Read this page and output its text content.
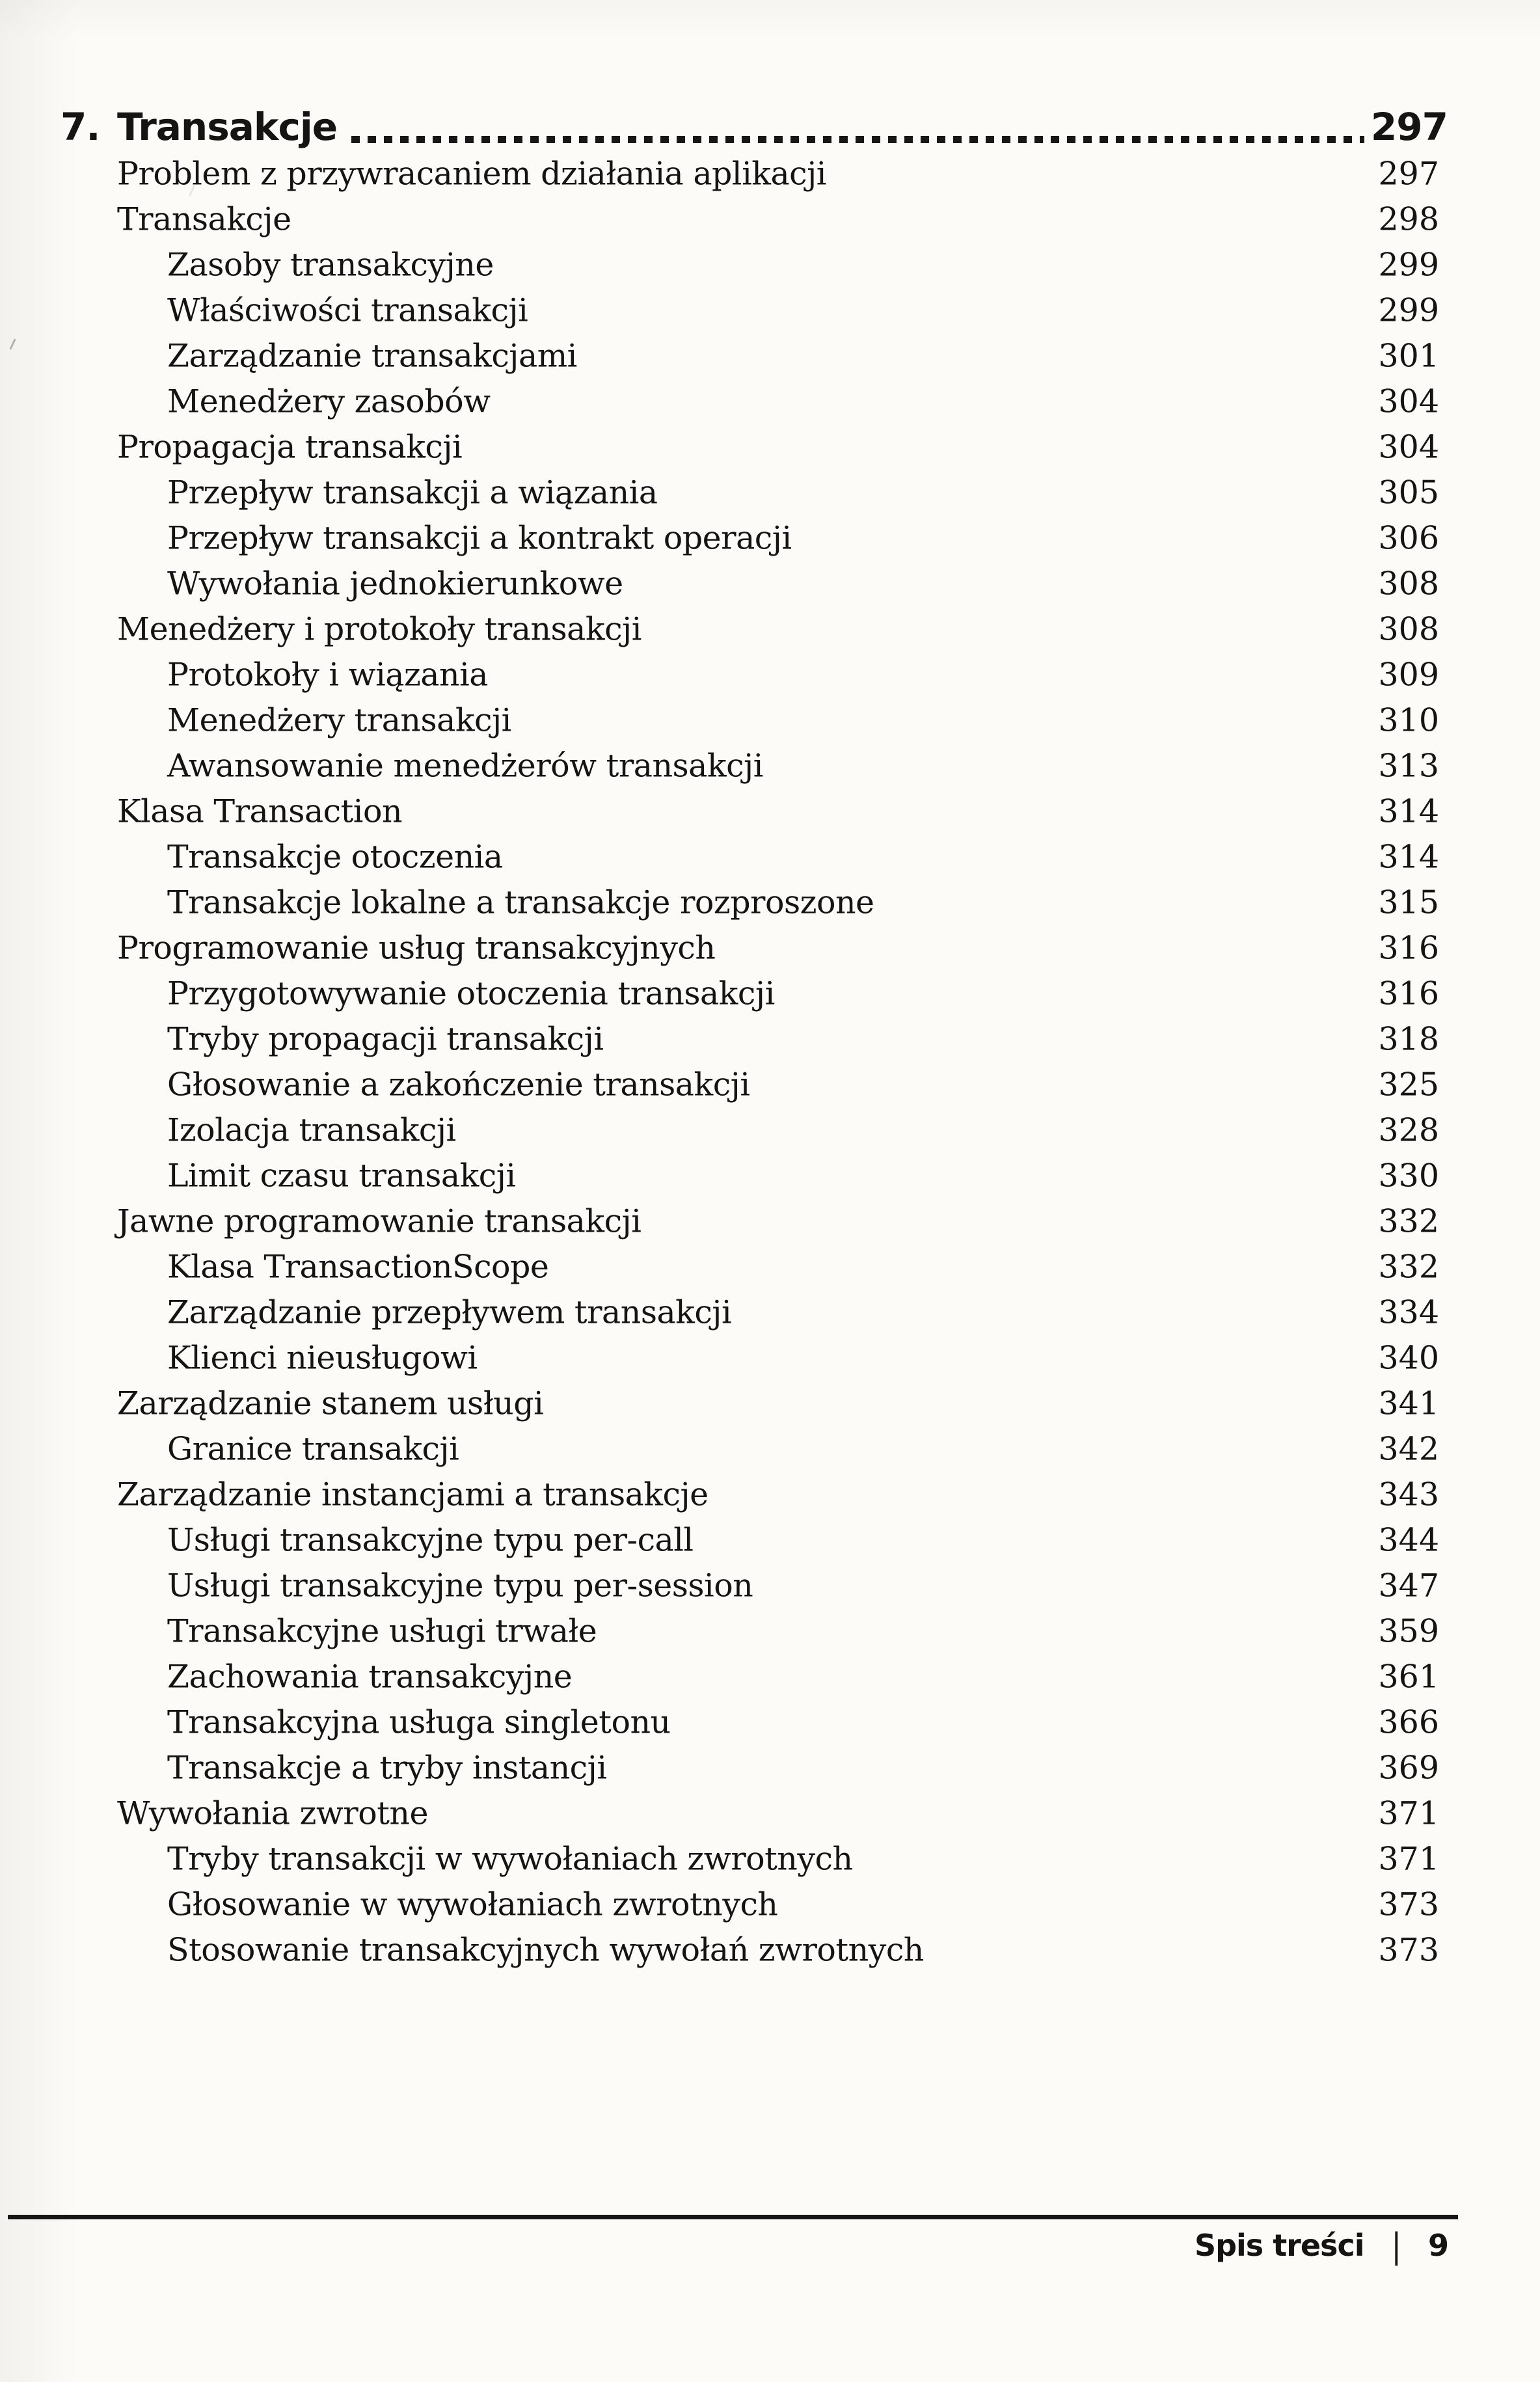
7. Transakcje	297
Problem z przywracaniem działania aplikacji	297
Transakcje	298
Zasoby transakcyjne	299
Właściwości transakcji	299
Zarządzanie transakcjami	301
Menedżery zasobów	304
Propagacja transakcji	304
Przepływ transakcji a wiązania	305
Przepływ transakcji a kontrakt operacji	306
Wywołania jednokierunkowe	308
Menedżery i protokoły transakcji	308
Protokoły i wiązania	309
Menedżery transakcji	310
Awansowanie menedżerów transakcji	313
Klasa Transaction	314
Transakcje otoczenia	314
Transakcje lokalne a transakcje rozproszone	315
Programowanie usług transakcyjnych	316
Przygotowywanie otoczenia transakcji	316
Tryby propagacji transakcji	318
Głosowanie a zakończenie transakcji	325
Izolacja transakcji	328
Limit czasu transakcji	330
Jawne programowanie transakcji	332
Klasa TransactionScope	332
Zarządzanie przepływem transakcji	334
Klienci nieusługowi	340
Zarządzanie stanem usługi	341
Granice transakcji	342
Zarządzanie instancjami a transakcje	343
Usługi transakcyjne typu per-call	344
Usługi transakcyjne typu per-session	347
Transakcyjne usługi trwałe	359
Zachowania transakcyjne	361
Transakcyjna usługa singletonu	366
Transakcje a tryby instancji	369
Wywołania zwrotne	371
Tryby transakcji w wywołaniach zwrotnych	371
Głosowanie w wywołaniach zwrotnych	373
Stosowanie transakcyjnych wywołań zwrotnych	373
Spis treści | 9
